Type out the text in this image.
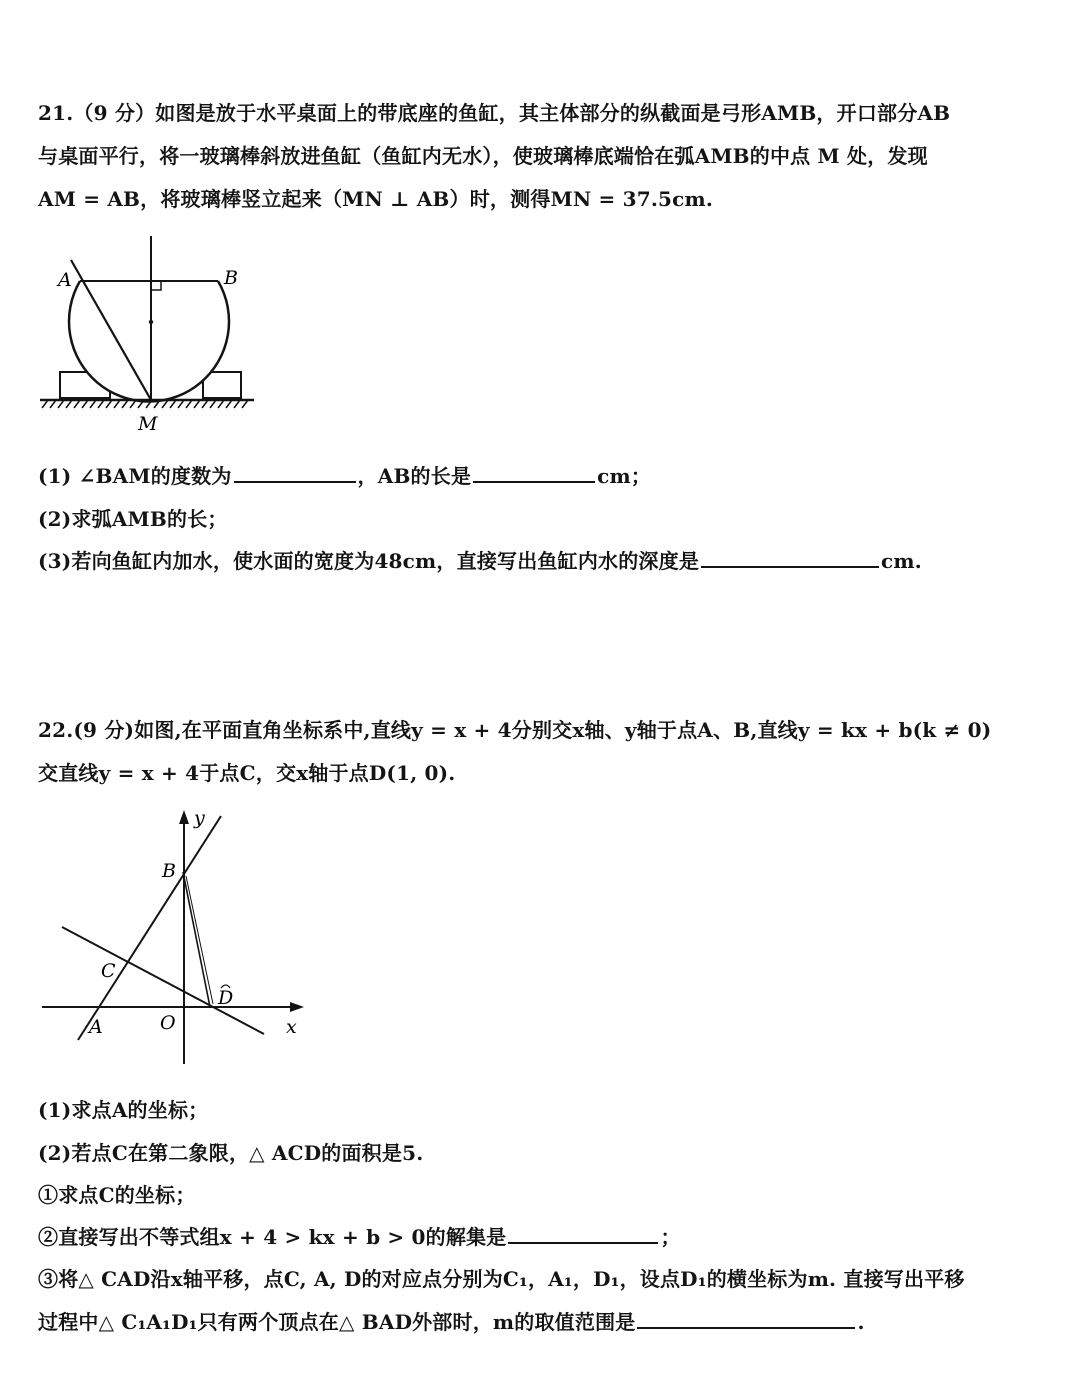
21.（9 分）如图是放于水平桌面上的带底座的鱼缸，其主体部分的纵截面是弓形AMB，开口部分AB
与桌面平行，将一玻璃棒斜放进鱼缸（鱼缸内无水），使玻璃棒底端恰在弧AMB的中点 M 处，发现
AM = AB，将玻璃棒竖立起来（MN ⊥ AB）时，测得MN = 37.5cm.
A	B
M
(1) ∠BAM的度数为	，AB的长是	cm；
(2)求弧AMB的长；
(3)若向鱼缸内加水，使水面的宽度为48cm，直接写出鱼缸内水的深度是	cm.
22.(9 分)如图,在平面直角坐标系中,直线y = x + 4分别交x轴、y轴于点A、B,直线y = kx + b(k ≠ 0)
交直线y = x + 4于点C，交x轴于点D(1, 0).
y
x
B
C
D
A	O
(1)求点A的坐标；
(2)若点C在第二象限，△ ACD的面积是5.
①求点C的坐标；
②直接写出不等式组x + 4 > kx + b > 0的解集是	；
③将△ CAD沿x轴平移，点C, A, D的对应点分别为C₁，A₁，D₁，设点D₁的横坐标为m. 直接写出平移
过程中△ C₁A₁D₁只有两个顶点在△ BAD外部时，m的取值范围是	.
